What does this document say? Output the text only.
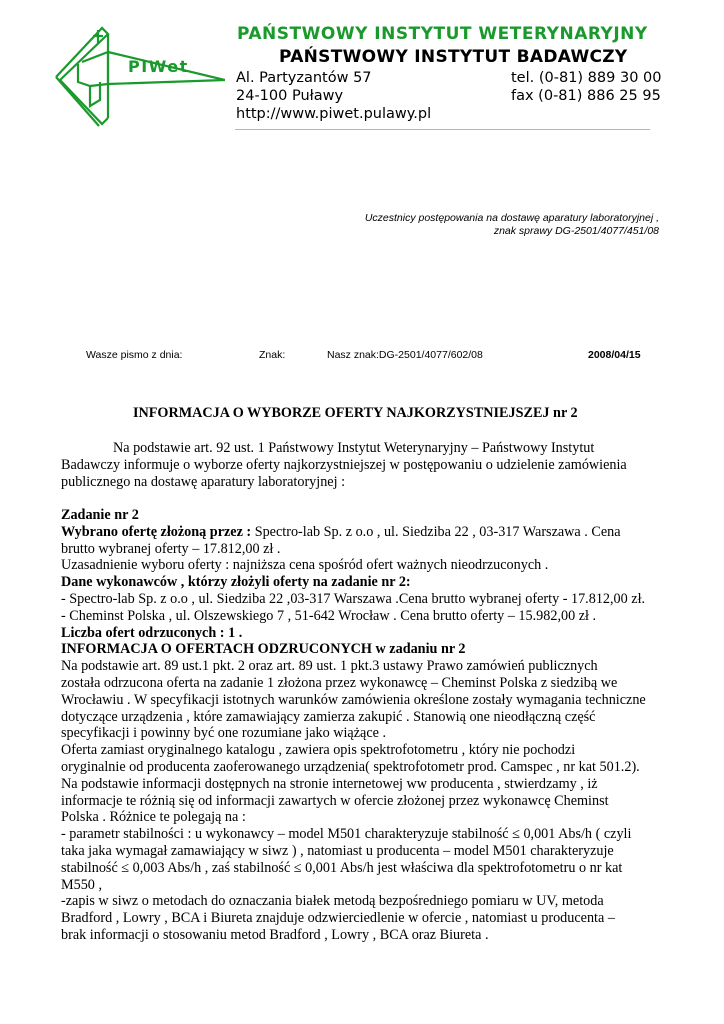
PIWet
PAŃSTWOWY INSTYTUT WETERYNARYJNY
PAŃSTWOWY INSTYTUT BADAWCZY
Al. Partyzantów 57
24-100 Puławy
http://www.piwet.pulawy.pl
tel. (0-81) 889 30 00
fax (0-81) 886 25 95
Uczestnicy postępowania na dostawę aparatury laboratoryjnej ,
znak sprawy DG-2501/4077/451/08
Wasze pismo z dnia:	Znak:	Nasz znak:DG-2501/4077/602/08	2008/04/15
INFORMACJA O WYBORZE OFERTY NAJKORZYSTNIEJSZEJ nr 2
Na podstawie art. 92 ust. 1 Państwowy Instytut Weterynaryjny – Państwowy Instytut
Badawczy informuje o wyborze oferty najkorzystniejszej w postępowaniu o udzielenie zamówienia
publicznego na dostawę aparatury laboratoryjnej :
Zadanie nr 2
Wybrano ofertę złożoną przez : Spectro-lab Sp. z o.o , ul. Siedziba 22 , 03-317 Warszawa . Cena
brutto wybranej oferty – 17.812,00 zł .
Uzasadnienie wyboru oferty : najniższa cena spośród ofert ważnych nieodrzuconych .
Dane wykonawców , którzy złożyli oferty na zadanie nr 2:
- Spectro-lab Sp. z o.o , ul. Siedziba 22 ,03-317 Warszawa .Cena brutto wybranej oferty - 17.812,00 zł.
- Cheminst Polska , ul. Olszewskiego 7 , 51-642 Wrocław . Cena brutto oferty – 15.982,00 zł .
Liczba ofert odrzuconych : 1 .
INFORMACJA O OFERTACH ODZRUCONYCH w zadaniu nr 2
Na podstawie art. 89 ust.1 pkt. 2 oraz art. 89 ust. 1 pkt.3 ustawy Prawo zamówień publicznych
została odrzucona oferta na zadanie 1 złożona przez wykonawcę – Cheminst Polska z siedzibą we
Wrocławiu . W specyfikacji istotnych warunków zamówienia określone zostały wymagania techniczne
dotyczące urządzenia , które zamawiający zamierza zakupić . Stanowią one nieodłączną część
specyfikacji i powinny być one rozumiane jako wiążące .
Oferta zamiast oryginalnego katalogu , zawiera opis spektrofotometru , który nie pochodzi
oryginalnie od producenta zaoferowanego urządzenia( spektrofotometr prod. Camspec , nr kat 501.2).
Na podstawie informacji dostępnych na stronie internetowej ww producenta , stwierdzamy , iż
informacje te różnią się od informacji zawartych w ofercie złożonej przez wykonawcę Cheminst
Polska . Różnice te polegają na :
- parametr stabilności : u wykonawcy – model M501 charakteryzuje stabilność ≤ 0,001 Abs/h ( czyli
taka jaka wymagał zamawiający w siwz ) , natomiast u producenta – model M501 charakteryzuje
stabilność ≤ 0,003 Abs/h , zaś stabilność ≤ 0,001 Abs/h jest właściwa dla spektrofotometru o nr kat
M550 ,
-zapis w siwz o metodach do oznaczania białek metodą bezpośredniego pomiaru w UV, metoda
Bradford , Lowry , BCA i Biureta znajduje odzwierciedlenie w ofercie , natomiast u producenta –
brak informacji o stosowaniu metod Bradford , Lowry , BCA oraz Biureta .
